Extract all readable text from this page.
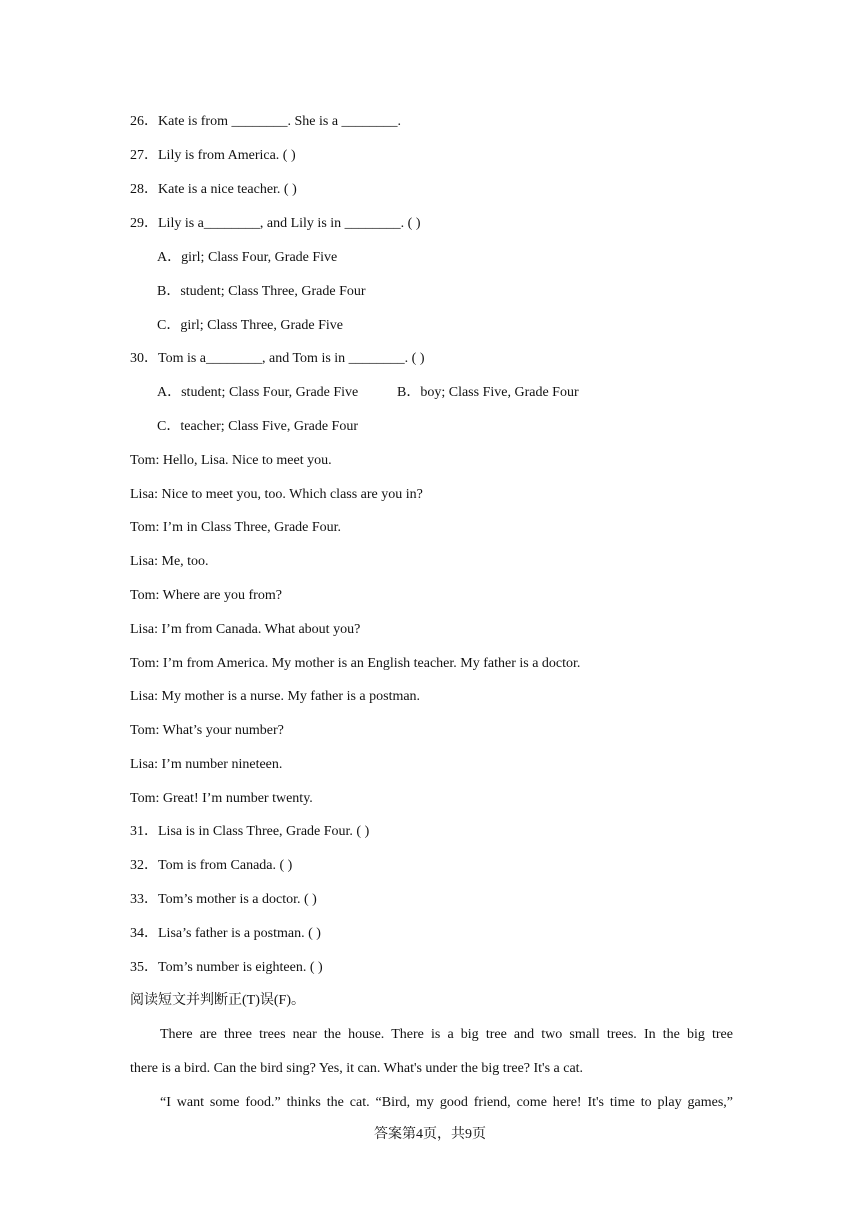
26．Kate is from ________. She is a ________.
27．Lily is from America. ( )
28．Kate is a nice teacher. ( )
29．Lily is a________, and Lily is in ________. ( )
A．girl; Class Four, Grade Five
B．student; Class Three, Grade Four
C．girl; Class Three, Grade Five
30．Tom is a________, and Tom is in ________. ( )
A．student; Class Four, Grade Five	B．boy; Class Five, Grade Four
C．teacher; Class Five, Grade Four
Tom: Hello, Lisa. Nice to meet you.
Lisa: Nice to meet you, too. Which class are you in?
Tom: I’m in Class Three, Grade Four.
Lisa: Me, too.
Tom: Where are you from?
Lisa: I’m from Canada. What about you?
Tom: I’m from America. My mother is an English teacher. My father is a doctor.
Lisa: My mother is a nurse. My father is a postman.
Tom: What’s your number?
Lisa: I’m number nineteen.
Tom: Great! I’m number twenty.
31．Lisa is in Class Three, Grade Four. ( )
32．Tom is from Canada. ( )
33．Tom’s mother is a doctor. ( )
34．Lisa’s father is a postman. ( )
35．Tom’s number is eighteen. ( )
阅读短文并判断正(T)误(F)。
There are three trees near the house. There is a big tree and two small trees. In the big tree
there is a bird. Can the bird sing? Yes, it can. What's under the big tree? It's a cat.
“I want some food.” thinks the cat. “Bird, my good friend, come here! It's time to play games,”
答案第4页，共9页
